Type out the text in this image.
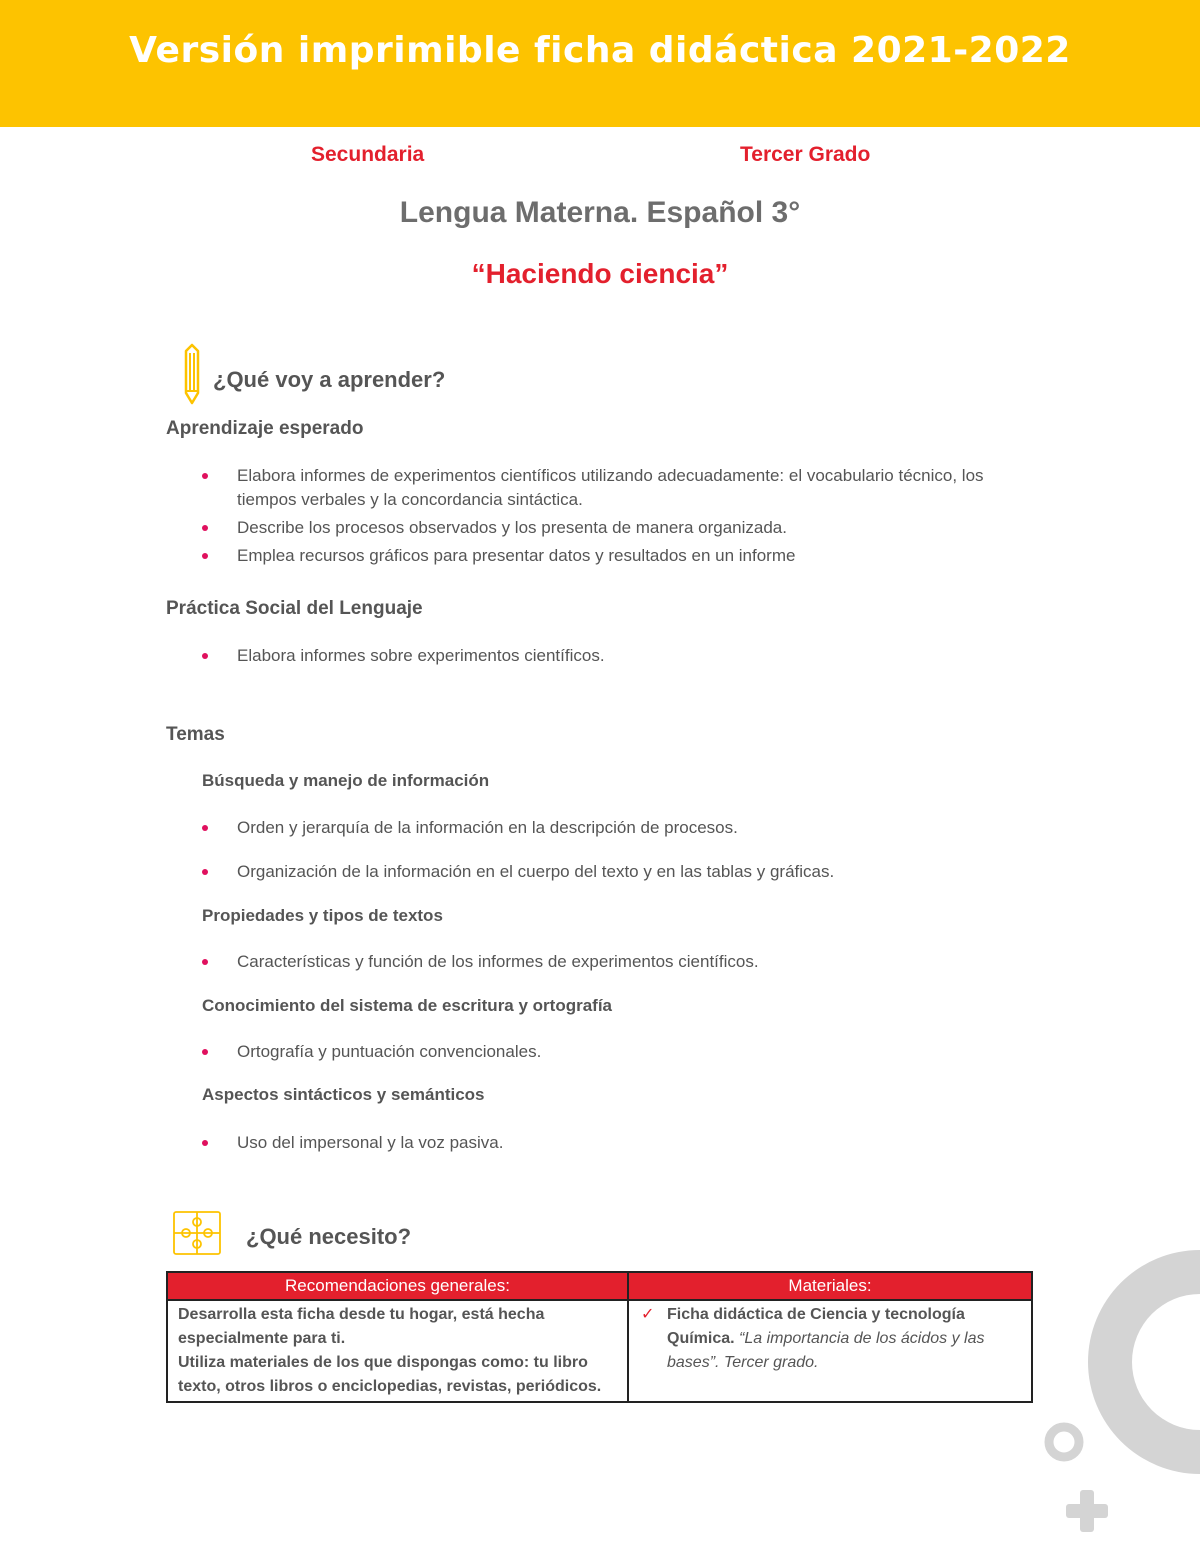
Versión imprimible ficha didáctica 2021-2022
Secundaria	Tercer Grado
Lengua Materna. Español 3°
“Haciendo ciencia”
¿Qué voy a aprender?
Aprendizaje esperado
Elabora informes de experimentos científicos utilizando adecuadamente: el vocabulario técnico, los tiempos verbales y la concordancia sintáctica.
Describe los procesos observados y los presenta de manera organizada.
Emplea recursos gráficos para presentar datos y resultados en un informe
Práctica Social del Lenguaje
Elabora informes sobre experimentos científicos.
Temas
Búsqueda y manejo de información
Orden y jerarquía de la información en la descripción de procesos.
Organización de la información en el cuerpo del texto y en las tablas y gráficas.
Propiedades y tipos de textos
Características y función de los informes de experimentos científicos.
Conocimiento del sistema de escritura y ortografía
Ortografía y puntuación convencionales.
Aspectos sintácticos y semánticos
Uso del impersonal y la voz pasiva.
¿Qué necesito?
Recomendaciones generales:	Materiales:

Desarrolla esta ficha desde tu hogar, está hecha especialmente para ti.
Utiliza materiales de los que dispongas como: tu libro texto, otros libros o enciclopedias, revistas, periódicos.	✓ Ficha didáctica de Ciencia y tecnología Química. “La importancia de los ácidos y las bases”. Tercer grado.
